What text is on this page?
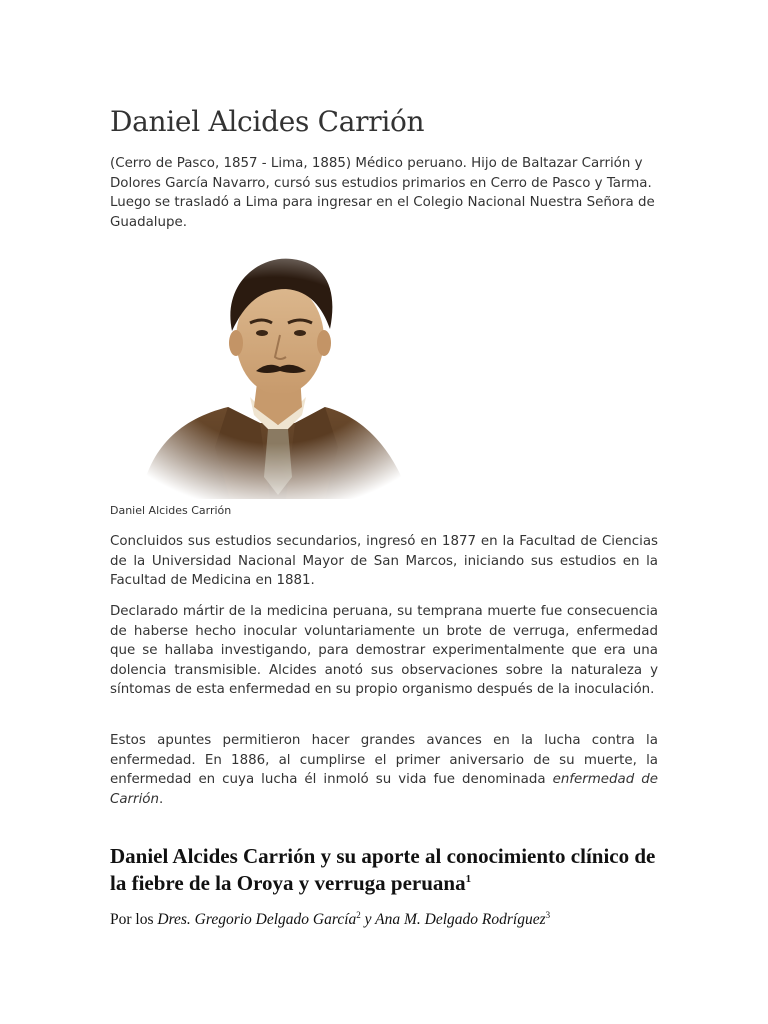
Daniel Alcides Carrión

(Cerro de Pasco, 1857 - Lima, 1885) Médico peruano. Hijo de Baltazar Carrión y Dolores García Navarro, cursó sus estudios primarios en Cerro de Pasco y Tarma. Luego se trasladó a Lima para ingresar en el Colegio Nacional Nuestra Señora de Guadalupe.

Daniel Alcides Carrión

Concluidos sus estudios secundarios, ingresó en 1877 en la Facultad de Ciencias de la Universidad Nacional Mayor de San Marcos, iniciando sus estudios en la Facultad de Medicina en 1881.

Declarado mártir de la medicina peruana, su temprana muerte fue consecuencia de haberse hecho inocular voluntariamente un brote de verruga, enfermedad que se hallaba investigando, para demostrar experimentalmente que era una dolencia transmisible. Alcides anotó sus observaciones sobre la naturaleza y síntomas de esta enfermedad en su propio organismo después de la inoculación.

Estos apuntes permitieron hacer grandes avances en la lucha contra la enfermedad. En 1886, al cumplirse el primer aniversario de su muerte, la enfermedad en cuya lucha él inmoló su vida fue denominada enfermedad de Carrión.

Daniel Alcides Carrión y su aporte al conocimiento clínico de la fiebre de la Oroya y verruga peruana$^1$

Por los Dres. Gregorio Delgado García$^2$ y Ana M. Delgado Rodríguez$^3$
